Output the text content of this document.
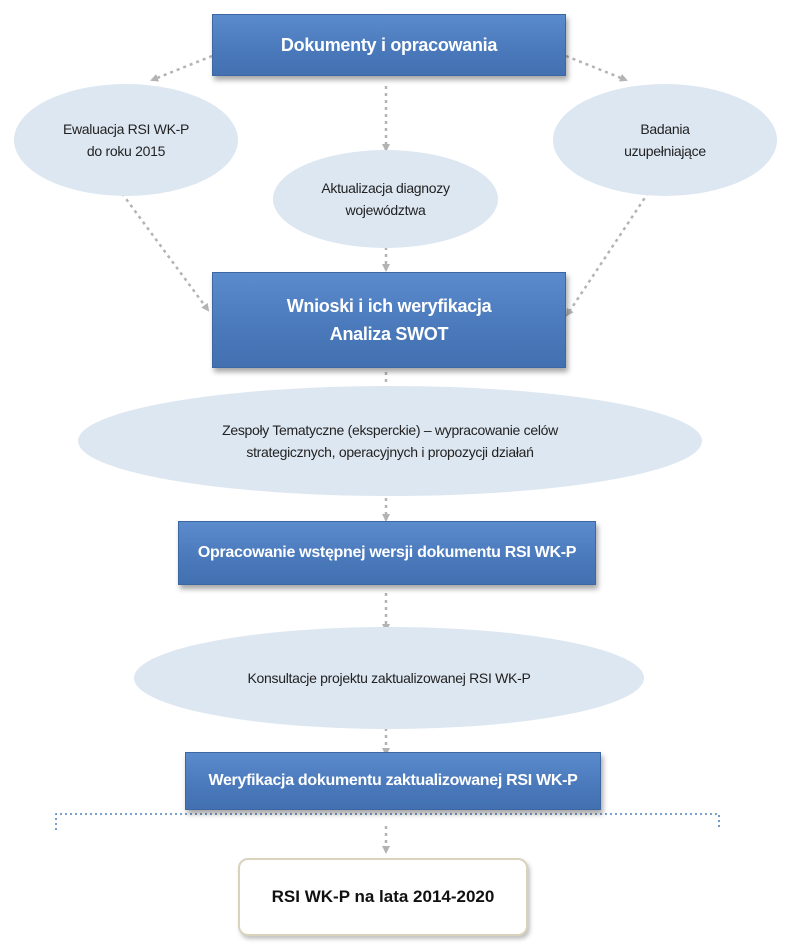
Dokumenty i opracowania
Ewaluacja RSI WK-P
do roku 2015
Aktualizacja diagnozy
województwa
Badania
uzupełniające
Wnioski i ich weryfikacja
Analiza SWOT
Zespoły Tematyczne (eksperckie) – wypracowanie celów
strategicznych, operacyjnych i propozycji działań
Opracowanie wstępnej wersji dokumentu RSI WK-P
Konsultacje projektu zaktualizowanej RSI WK-P
Weryfikacja dokumentu zaktualizowanej RSI WK-P
RSI WK-P na lata 2014-2020
